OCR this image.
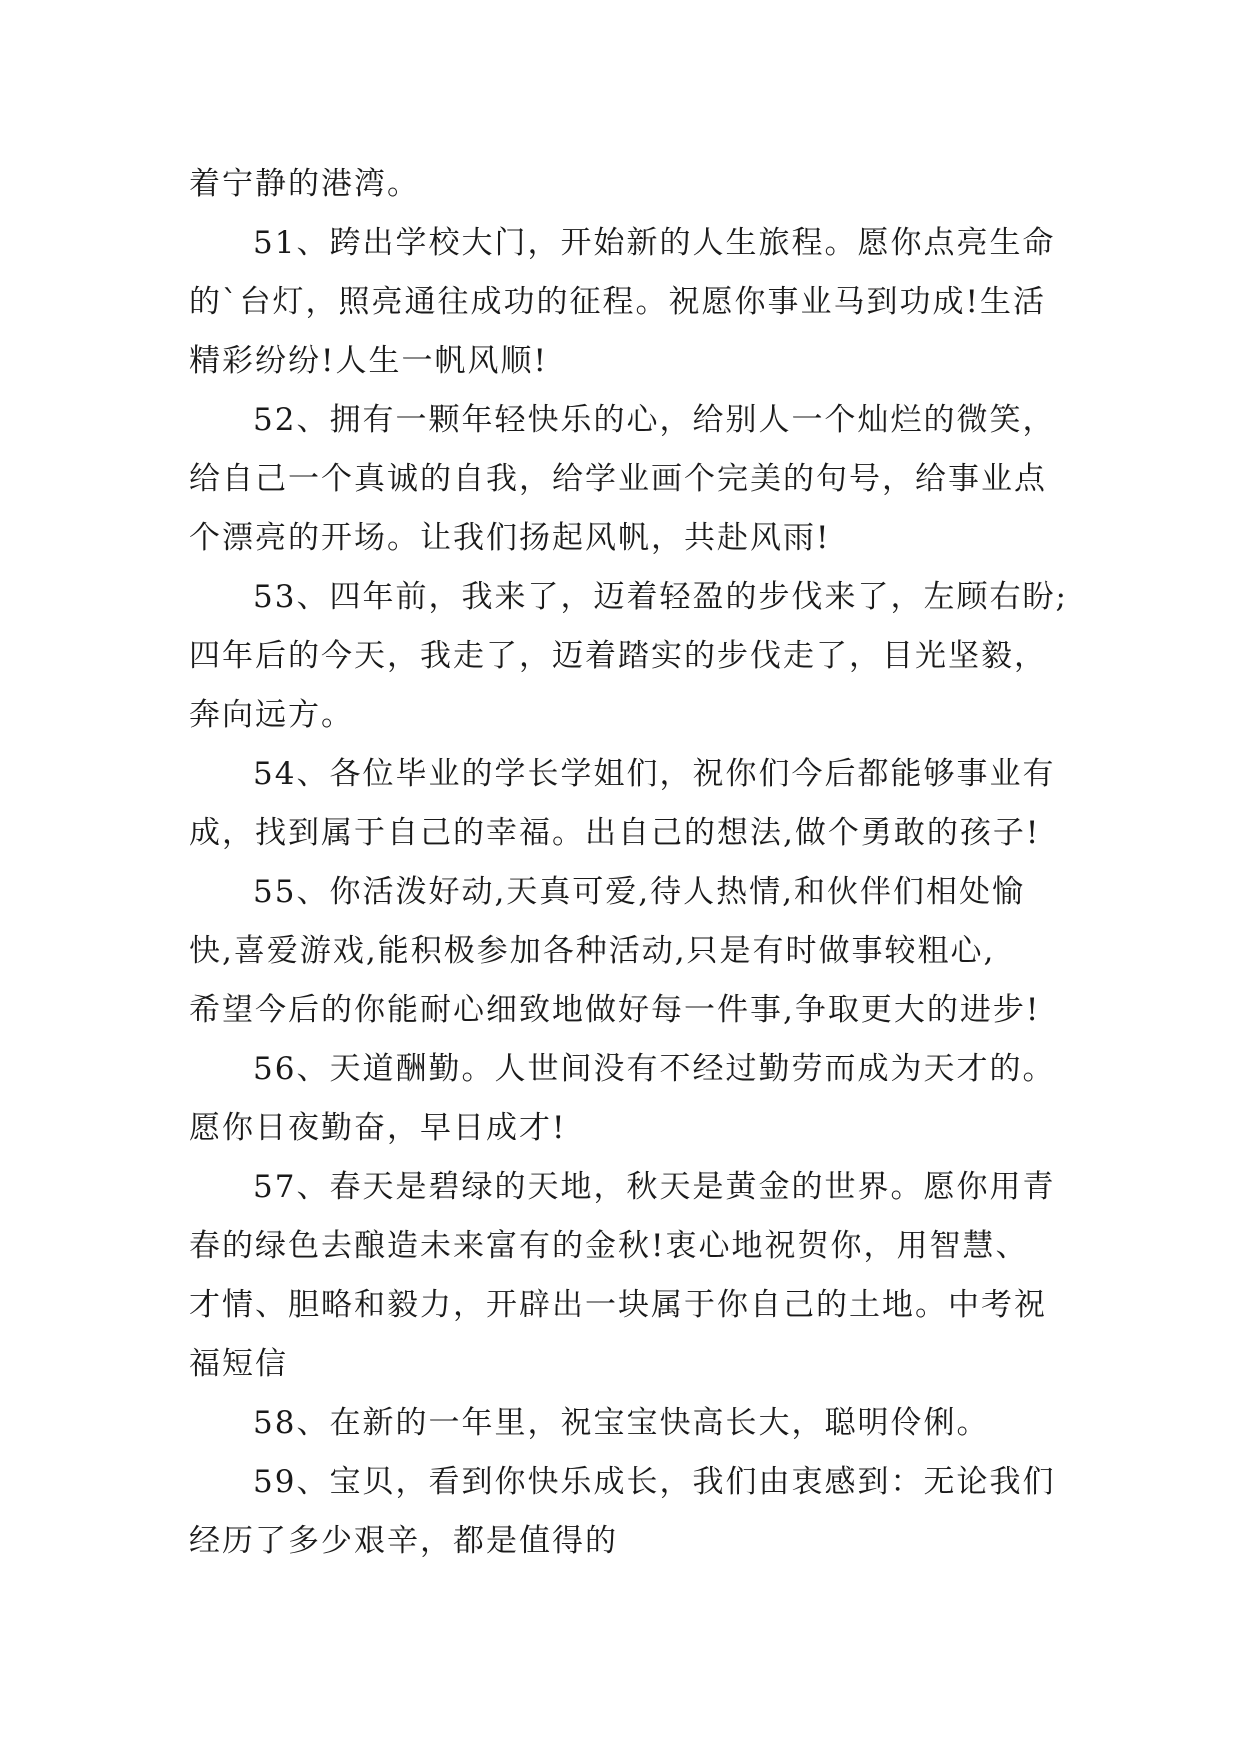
着宁静的港湾。
51、跨出学校大门，开始新的人生旅程。愿你点亮生命
的`台灯，照亮通往成功的征程。祝愿你事业马到功成!生活
精彩纷纷!人生一帆风顺!
52、拥有一颗年轻快乐的心，给别人一个灿烂的微笑，
给自己一个真诚的自我，给学业画个完美的句号，给事业点
个漂亮的开场。让我们扬起风帆，共赴风雨!
53、四年前，我来了，迈着轻盈的步伐来了，左顾右盼;
四年后的今天，我走了，迈着踏实的步伐走了，目光坚毅，
奔向远方。
54、各位毕业的学长学姐们，祝你们今后都能够事业有
成，找到属于自己的幸福。出自己的想法,做个勇敢的孩子!
55、你活泼好动,天真可爱,待人热情,和伙伴们相处愉
快,喜爱游戏,能积极参加各种活动,只是有时做事较粗心,
希望今后的你能耐心细致地做好每一件事,争取更大的进步!
56、天道酬勤。人世间没有不经过勤劳而成为天才的。
愿你日夜勤奋，早日成才!
57、春天是碧绿的天地，秋天是黄金的世界。愿你用青
春的绿色去酿造未来富有的金秋!衷心地祝贺你，用智慧、
才情、胆略和毅力，开辟出一块属于你自己的土地。中考祝
福短信
58、在新的一年里，祝宝宝快高长大，聪明伶俐。
59、宝贝，看到你快乐成长，我们由衷感到：无论我们
经历了多少艰辛，都是值得的
